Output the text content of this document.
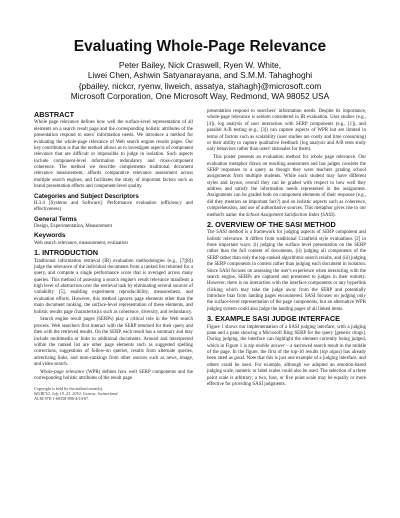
Evaluating Whole-Page Relevance
Peter Bailey, Nick Craswell, Ryen W. White,
Liwei Chen, Ashwin Satyanarayana, and S.M.M. Tahaghoghi
{pbailey, nickcr, ryenw, liweich, assatya, stahagh}@microsoft.com
Microsoft Corporation, One Microsoft Way, Redmond, WA 98052 USA
ABSTRACT

Whole page relevance defines how well the surface-level representation of all elements on a search result page and the corresponding holistic attributes of the presentation respond to users' information needs. We introduce a method for evaluating the whole-page relevance of Web search engine results pages. Our key contribution is that the method allows us to investigate aspects of component relevance that are difficult or impossible to judge in isolation. Such aspects include component-level information redundancy and cross-component coherence. The method we describe complements traditional document relevance measurement, affords comparative relevance assessment across multiple search engines, and facilitates the study of important factors such as brand presentation effects and component-level quality.

Categories and Subject Descriptors

H.3.4 [Systems and Software]: Performance evaluation (efficiency and effectiveness)

General Terms

Design, Experimentation, Measurement

Keywords

Web search relevance, measurement, evaluation

1. INTRODUCTION

Traditional information retrieval (IR) evaluation methodologies (e.g., [7][8]) judge the relevance of the individual documents from a ranked list returned for a query, and compute a single performance score that is averaged across many queries. This method of assessing a search engine's result relevance manifests a high level of abstraction over the retrieval task by eliminating several sources of variability [5], enabling experiment reproducibility, measurement, and evaluation efforts. However, this method ignores page elements other than the main document ranking, the surface-level representation of these elements, and holistic results page characteristics such as coherence, diversity, and redundancy.

Search engine result pages (SERPs) play a critical role in the Web search process. Web searchers first interact with the SERP returned for their query and then with the retrieved results. On the SERP, each result has a summary and may include multimedia or links to additional documents. Around and interspersed within the ranked list are other page elements such as suggested spelling corrections, suggestions of follow-on queries, results from alternate queries, advertising links, and mini-rankings from other sources such as news, image, and video search.

Whole-page relevance (WPR) defines how well SERP components and the corresponding holistic attributes of the result page

Copyright is held by the author/owner(s).

SIGIR'10, July 19–23, 2010, Geneva, Switzerland.

ACM 978-1-60558-896-4/10/07.

presentation respond to searchers' information needs. Despite its importance, whole-page relevance is seldom considered in IR evaluation. User studies (e.g., [4]), log analysis of user interaction with SERP components (e.g., [1]), and parallel A/B testing (e.g., [3]) can capture aspects of WPR but are limited in terms of factors such as scalability (user studies are costly and time consuming) or their ability to capture qualitative feedback (log analysis and A/B tests study only behaviors rather than users' rationales for them).

This poster presents an evaluation method for whole page relevance. Our evaluation metaphor draws on teaching assessment and has judges consider the SERP responses to a query as though they were teachers grading school assignments from multiple students. While each student may have different styles and layout, overall they can be graded with respect to how well they address and satisfy the information needs represented in the assignment. Assignments can be graded both on component elements of their response (e.g., did they mention an important fact?) and on holistic aspects such as coherence, comprehension, and use of authoritative sources. This metaphor gives rise to our method's name: the School Assignment Satisfaction Index (SASI).

2. OVERVIEW OF THE SASI METHOD

The SASI method is a framework for judging aspects of SERP component and holistic relevance. It differs from traditional Cranfield style evaluations [2] in three important ways: (i) judging the surface level presentation on the SERP rather than the full content of documents, (ii) judging all components of the SERP rather than only the top-ranked algorithmic search results, and (iii) judging the SERP components in context rather than judging each document in isolation. Since SASI focuses on assessing the user's experience when interacting with the search engine, SERPs are captured and presented to judges in their entirety. However, there is no interaction with the interface components or any hyperlink clicking which may take the judge away from the SERP and potentially introduce bias from landing pages encountered. SASI focuses on judging only the surface-level representation of the page components, but an alternative WPR judging system could also judge the landing pages of all linked items.

3. EXAMPLE SASI JUDGE INTERFACE

Figure 1 shows our implementation of a SASI judging interface, with a judging pane and a pane showing a Microsoft Bing SERP for the query [generic drugs]. During judging, the interface can highlight the element currently being judged, which in Figure 1 is top mobile answer – a narrowed search result in the middle of the page. In the figure, the first of the top-10 results (top algos) has already been rated as good. Note that this is just one example of a judging interface, and others could be used. For example, although we adopted an emotion-based judging scale, numeric or label scales could also be used. The selection of a three point scale is arbitrary; a two, four, or five point scale may be equally or more effective for providing SASI judgments.
